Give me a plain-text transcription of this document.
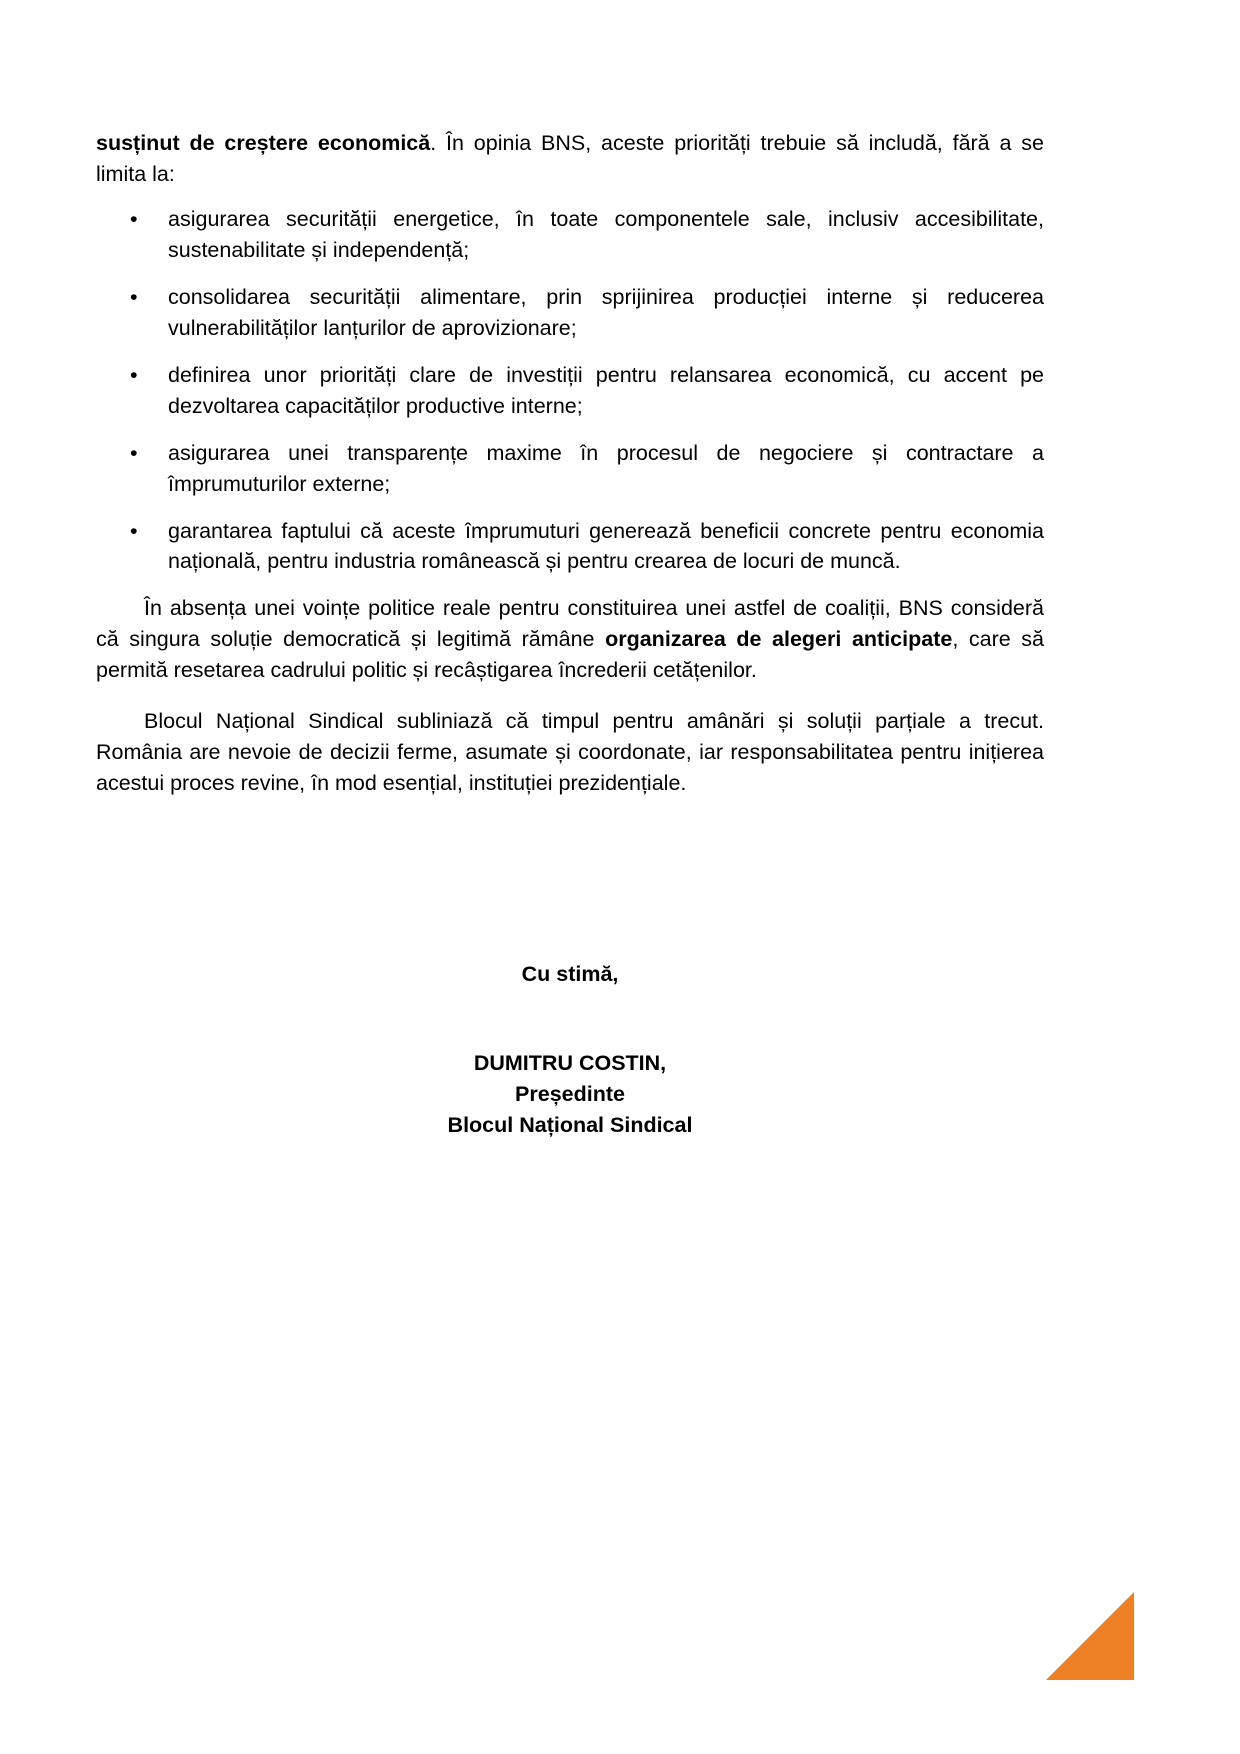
susținut de creștere economică. În opinia BNS, aceste priorități trebuie să includă, fără a se limita la:

• asigurarea securității energetice, în toate componentele sale, inclusiv accesibilitate, sustenabilitate și independență;
• consolidarea securității alimentare, prin sprijinirea producției interne și reducerea vulnerabilităților lanțurilor de aprovizionare;
• definirea unor priorități clare de investiții pentru relansarea economică, cu accent pe dezvoltarea capacităților productive interne;
• asigurarea unei transparențe maxime în procesul de negociere și contractare a împrumuturilor externe;
• garantarea faptului că aceste împrumuturi generează beneficii concrete pentru economia națională, pentru industria românească și pentru crearea de locuri de muncă.

În absența unei voințe politice reale pentru constituirea unei astfel de coaliții, BNS consideră că singura soluție democratică și legitimă rămâne organizarea de alegeri anticipate, care să permită resetarea cadrului politic și recâștigarea încrederii cetățenilor.

Blocul Național Sindical subliniază că timpul pentru amânări și soluții parțiale a trecut. România are nevoie de decizii ferme, asumate și coordonate, iar responsabilitatea pentru inițierea acestui proces revine, în mod esențial, instituției prezidențiale.

Cu stimă,
DUMITRU COSTIN,
Președinte
Blocul Național Sindical
